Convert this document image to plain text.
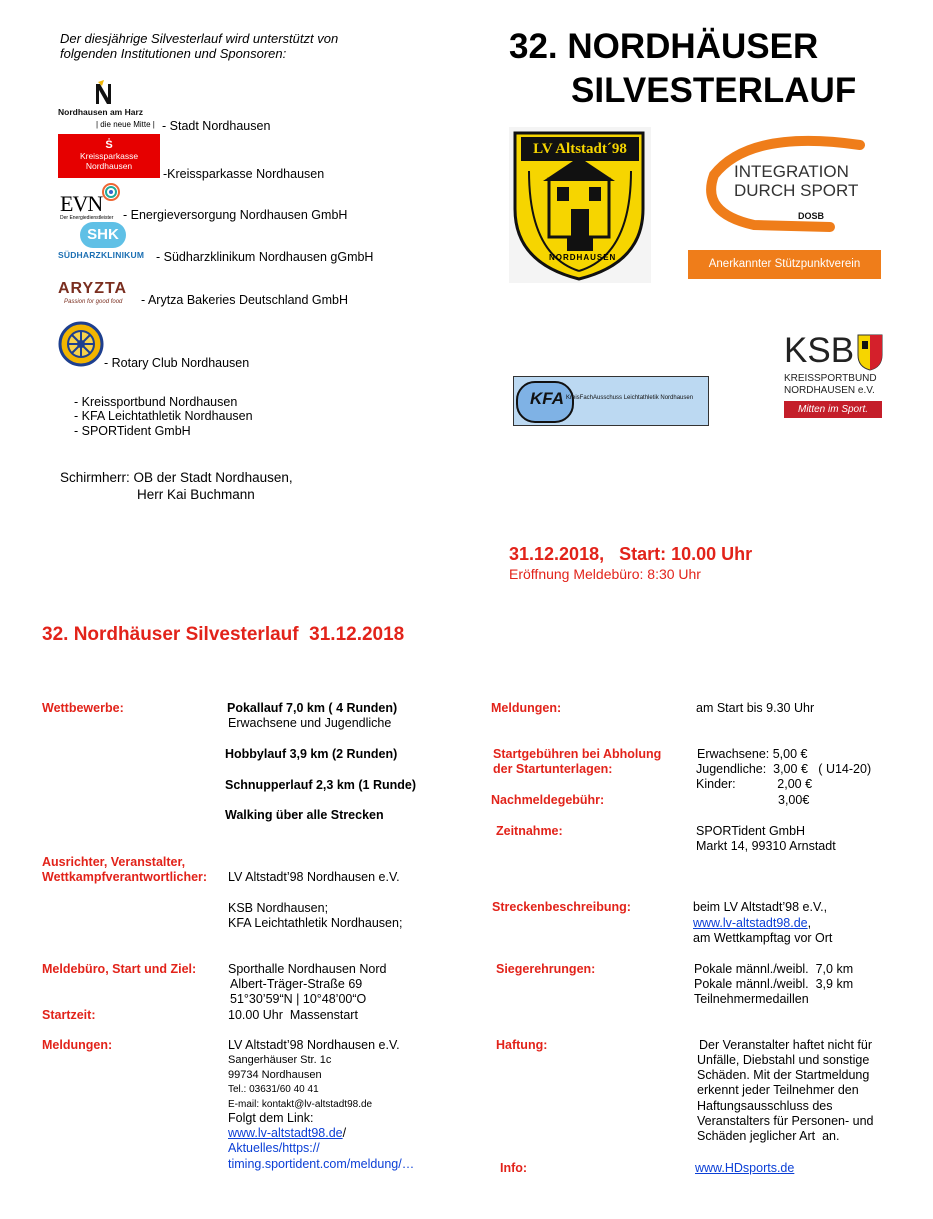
Der diesjährige Silvesterlauf wird unterstützt von folgenden Institutionen und Sponsoren:
Nordhausen am Harz
| die neue Mitte | - Stadt Nordhausen
Ṡ
Kreissparkasse
Nordhausen
-Kreissparkasse Nordhausen
EVN
Der Energiedienstleister - Energieversorgung Nordhausen GmbH
SHK
SÜDHARZKLINIKUM - Südharzklinikum Nordhausen gGmbH
ARYZTA
Passion for good food	- Arytza Bakeries Deutschland GmbH
- Rotary Club Nordhausen
- Kreissportbund Nordhausen
- KFA Leichtathletik Nordhausen
- SPORTident GmbH
Schirmherr: OB der Stadt Nordhausen,
Herr Kai Buchmann
32. NORDHÄUSER
SILVESTERLAUF
LV Altstadt´98
NORDHAUSEN
INTEGRATION
DURCH SPORT
DOSB
Anerkannter Stützpunktverein
KSB
KREISSPORTBUND
NORDHAUSEN e.V.
Mitten im Sport.
KFA KreisFachAusschuss Leichtathletik Nordhausen
31.12.2018,   Start: 10.00 Uhr
Eröffnung Meldebüro: 8:30 Uhr
32. Nordhäuser Silvesterlauf  31.12.2018
Wettbewerbe:	Pokallauf 7,0 km ( 4 Runden)
Erwachsene und Jugendliche
Hobbylauf 3,9 km (2 Runden)
Schnupperlauf 2,3 km (1 Runde)
Walking über alle Strecken
Ausrichter, Veranstalter,
Wettkampfverantwortlicher: LV Altstadt’98 Nordhausen e.V.
KSB Nordhausen;
KFA Leichtathletik Nordhausen;
Meldebüro, Start und Ziel:	Sporthalle Nordhausen Nord
Albert-Träger-Straße 69
51°30’59“N | 10°48’00“O
Startzeit:	10.00 Uhr  Massenstart
Meldungen:	LV Altstadt’98 Nordhausen e.V.
Sangerhäuser Str. 1c
99734 Nordhausen
Tel.: 03631/60 40 41
E-mail: kontakt@lv-altstadt98.de
Folgt dem Link:
www.lv-altstadt98.de/
Aktuelles/https://
timing.sportident.com/meldung/…
Meldungen:	am Start bis 9.30 Uhr
Startgebühren bei Abholung
der Startunterlagen:
Erwachsene: 5,00 €
Jugendliche:  3,00 €   ( U14-20)
Kinder:            2,00 €
Nachmeldegebühr:	3,00€
Zeitnahme:	SPORTident GmbH
Markt 14, 99310 Arnstadt
Streckenbeschreibung:	beim LV Altstadt’98 e.V.,
www.lv-altstadt98.de,
am Wettkampftag vor Ort
Siegerehrungen:	Pokale männl./weibl.  7,0 km
Pokale männl./weibl.  3,9 km
Teilnehmermedaillen
Haftung:	Der Veranstalter haftet nicht für
Unfälle, Diebstahl und sonstige
Schäden. Mit der Startmeldung
erkennt jeder Teilnehmer den
Haftungsausschluss des
Veranstalters für Personen- und
Schäden jeglicher Art  an.
Info:	www.HDsports.de
